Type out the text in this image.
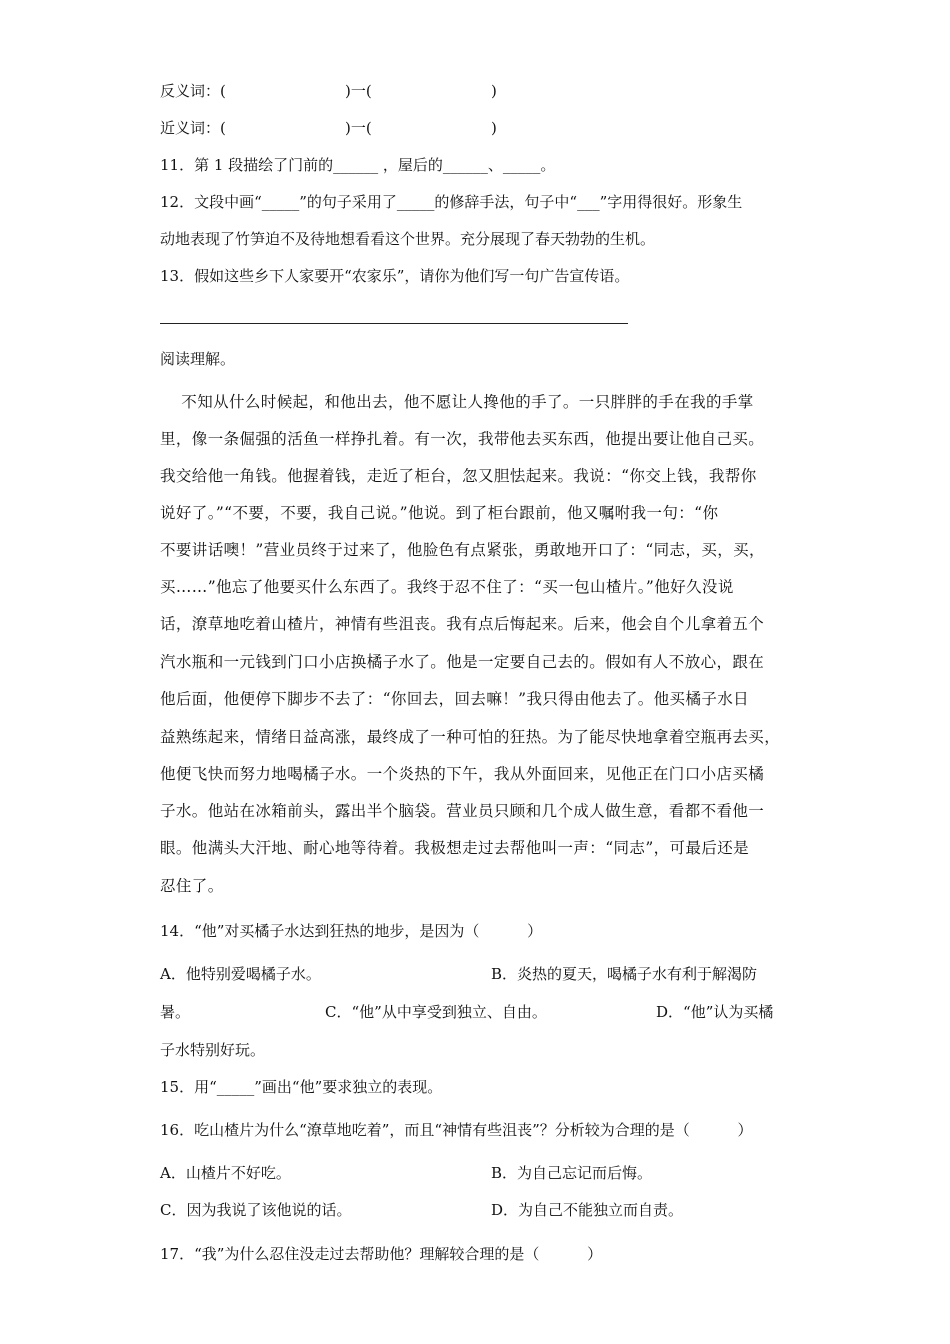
反义词：(                         )一(                         )
近义词：(                         )一(                         )
11．第 1 段描绘了门前的______ ，屋后的______、_____。
12．文段中画“_____”的句子采用了_____的修辞手法，句子中“___”字用得很好。形象生
动地表现了竹笋迫不及待地想看看这个世界。充分展现了春天勃勃的生机。
13．假如这些乡下人家要开“农家乐”，请你为他们写一句广告宣传语。
阅读理解。
不知从什么时候起，和他出去，他不愿让人搀他的手了。一只胖胖的手在我的手掌
里，像一条倔强的活鱼一样挣扎着。有一次，我带他去买东西，他提出要让他自己买。
我交给他一角钱。他握着钱，走近了柜台，忽又胆怯起来。我说：“你交上钱，我帮你
说好了。”“不要，不要，我自己说。”他说。到了柜台跟前，他又嘱咐我一句：“你
不要讲话噢！”营业员终于过来了，他脸色有点紧张，勇敢地开口了：“同志，买，买，
买……”他忘了他要买什么东西了。我终于忍不住了：“买一包山楂片。”他好久没说
话，潦草地吃着山楂片，神情有些沮丧。我有点后悔起来。后来，他会自个儿拿着五个
汽水瓶和一元钱到门口小店换橘子水了。他是一定要自己去的。假如有人不放心，跟在
他后面，他便停下脚步不去了：“你回去，回去嘛！”我只得由他去了。他买橘子水日
益熟练起来，情绪日益高涨，最终成了一种可怕的狂热。为了能尽快地拿着空瓶再去买，
他便飞快而努力地喝橘子水。一个炎热的下午，我从外面回来，见他正在门口小店买橘
子水。他站在冰箱前头，露出半个脑袋。营业员只顾和几个成人做生意，看都不看他一
眼。他满头大汗地、耐心地等待着。我极想走过去帮他叫一声：“同志”，可最后还是
忍住了。
14．“他”对买橘子水达到狂热的地步，是因为（          ）
A．他特别爱喝橘子水。	B．炎热的夏天，喝橘子水有利于解渴防
暑。	C．“他”从中享受到独立、自由。	D．“他”认为买橘
子水特别好玩。
15．用“_____”画出“他”要求独立的表现。
16．吃山楂片为什么“潦草地吃着”，而且“神情有些沮丧”？分析较为合理的是（          ）
A．山楂片不好吃。	B．为自己忘记而后悔。
C．因为我说了该他说的话。	D．为自己不能独立而自责。
17．“我”为什么忍住没走过去帮助他？理解较合理的是（          ）
